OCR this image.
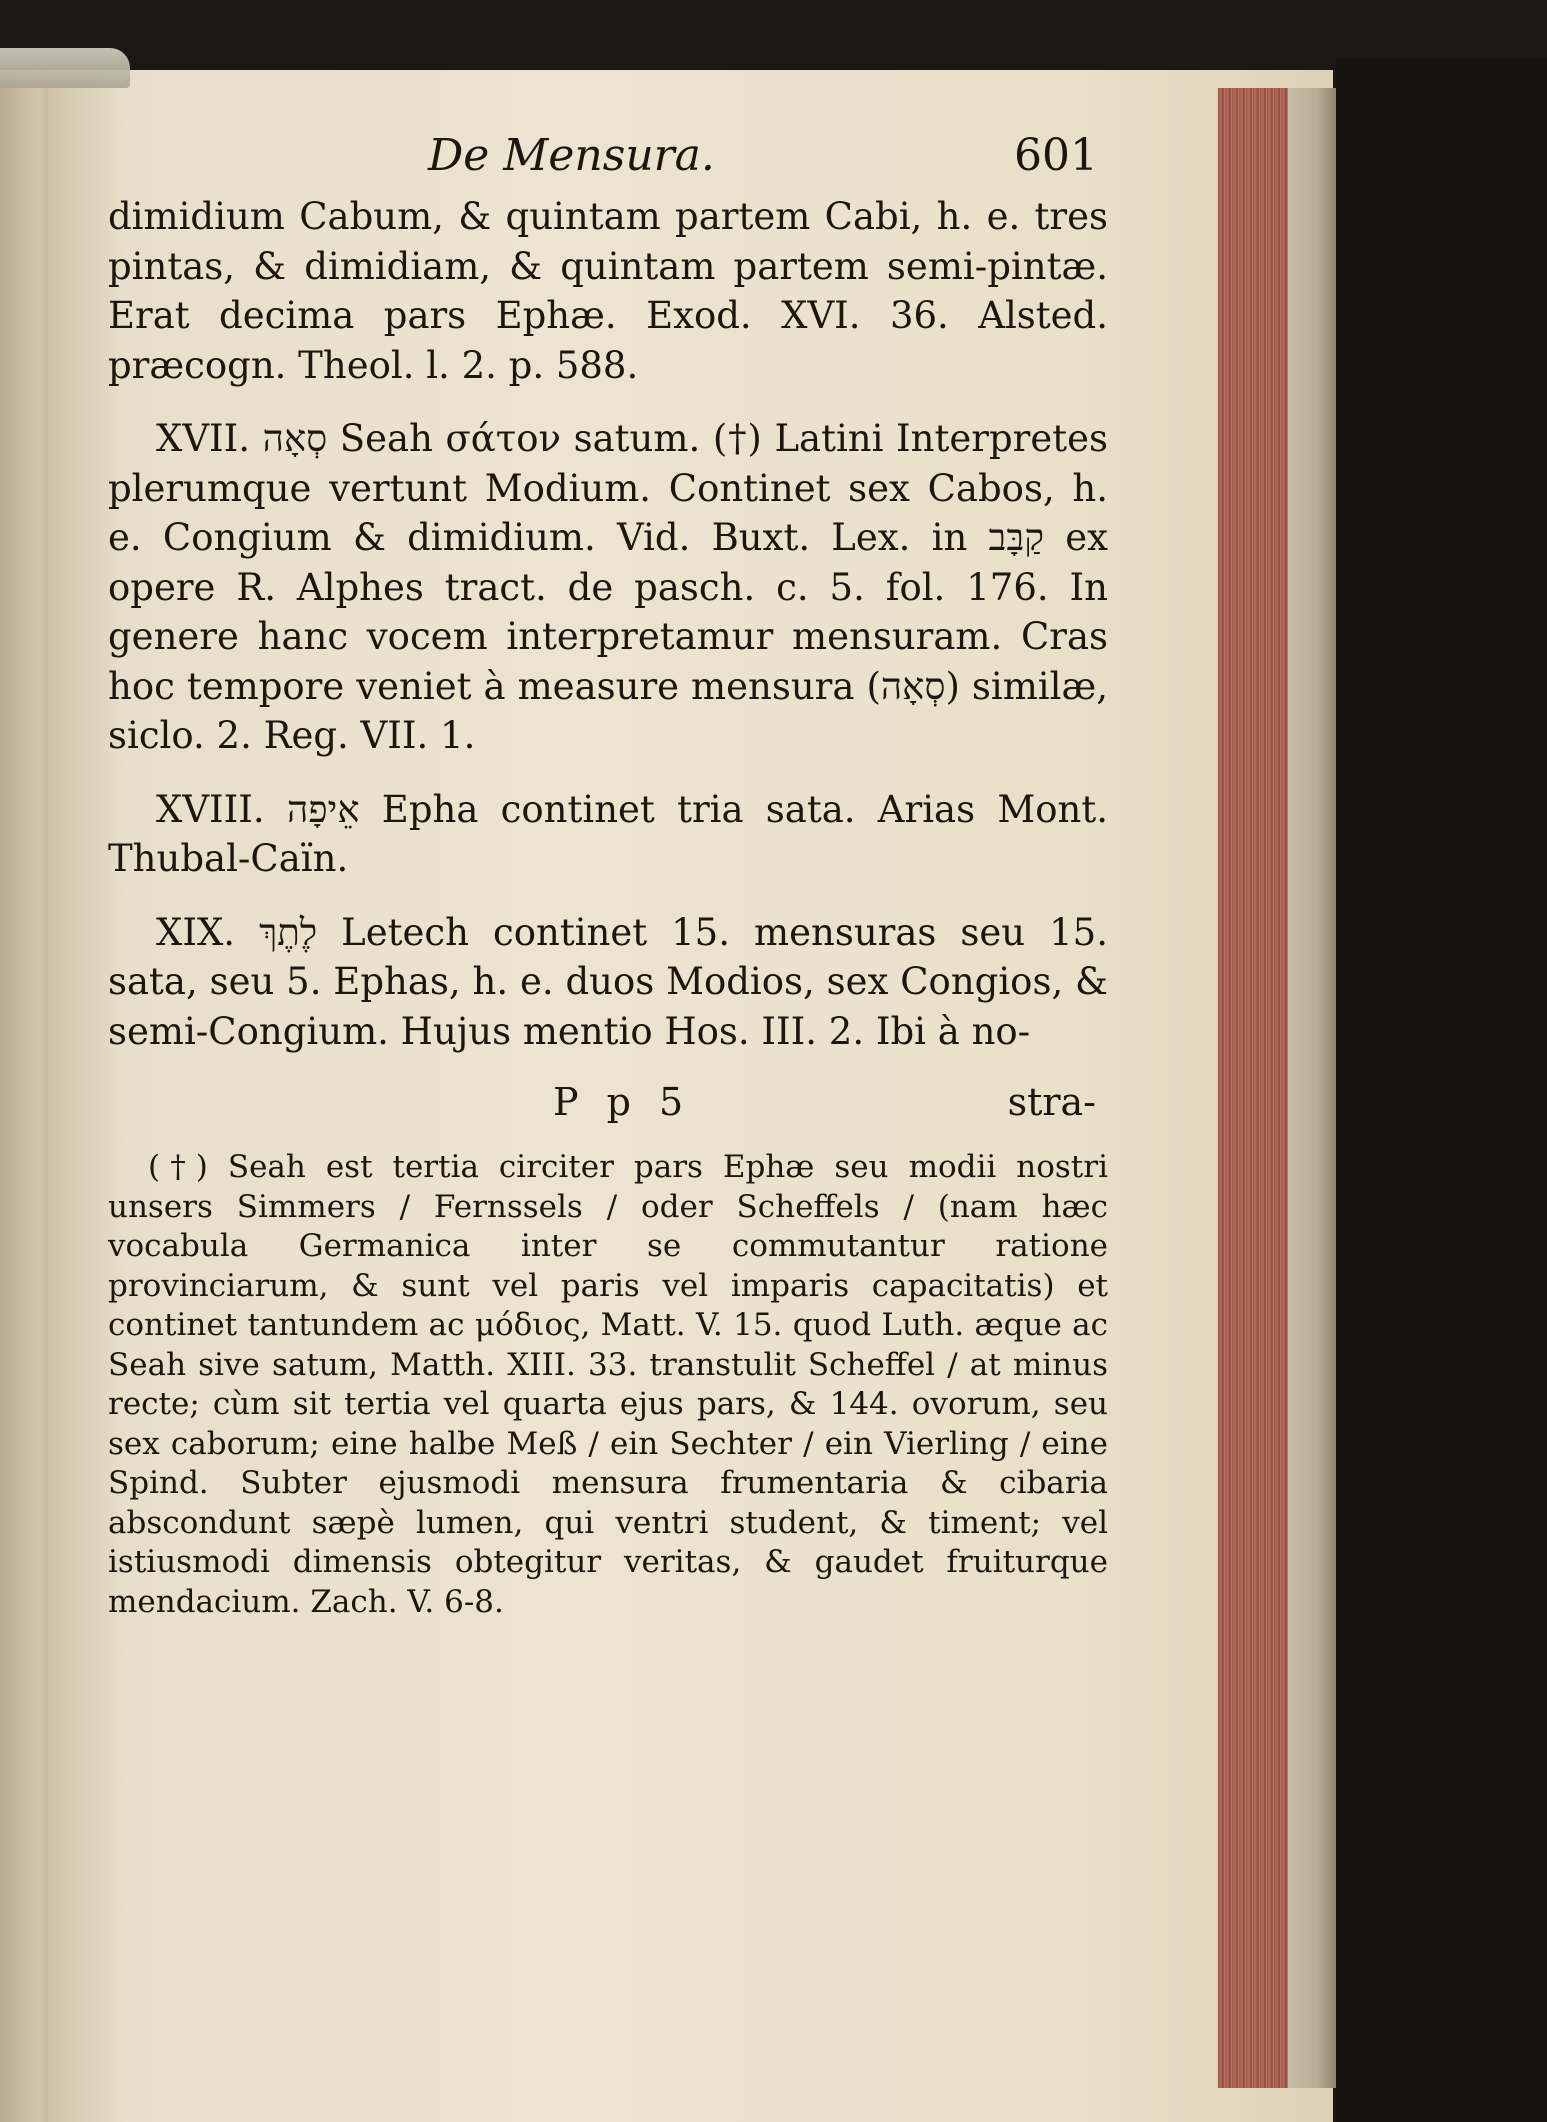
De Mensura.	601

dimidium Cabum, & quintam partem Cabi, h. e. tres pintas, & dimidiam, & quintam partem semi-pintæ. Erat decima pars Ephæ. Exod. XVI. 36. Alsted. præcogn. Theol. l. 2. p. 588.

XVII. סְאָה Seah σάτον satum. (†) Latini Interpretes plerumque vertunt Modium. Continet sex Cabos, h. e. Congium & dimidium. Vid. Buxt. Lex. in קַבָּב ex opere R. Alphes tract. de pasch. c. 5. fol. 176. In genere hanc vocem interpretamur mensuram. Cras hoc tempore veniet à measure mensura (סְאָה) similæ, siclo. 2. Reg. VII. 1.

XVIII. אֵיפָה Epha continet tria sata. Arias Mont. Thubal-Caïn.

XIX. לֶתֶךְ Letech continet 15. mensuras seu 15. sata, seu 5. Ephas, h. e. duos Modios, sex Congios, & semi-Congium. Hujus mentio Hos. III. 2. Ibi à no-

P p 5	stra-

(†) Seah est tertia circiter pars Ephæ seu modii nostri unsers Simmers / Fernssels / oder Scheffels / (nam hæc vocabula Germanica inter se commutantur ratione provinciarum, & sunt vel paris vel imparis capacitatis) et continet tantundem ac μόδιος, Matt. V. 15. quod Luth. æque ac Seah sive satum, Matth. XIII. 33. transtulit Scheffel / at minus recte; cùm sit tertia vel quarta ejus pars, & 144. ovorum, seu sex caborum; eine halbe Meß / ein Sechter / ein Vierling / eine Spind. Subter ejusmodi mensura frumentaria & cibaria abscondunt sæpè lumen, qui ventri student, & timent; vel istiusmodi dimensis obtegitur veritas, & gaudet fruiturque mendacium. Zach. V. 6-8.
